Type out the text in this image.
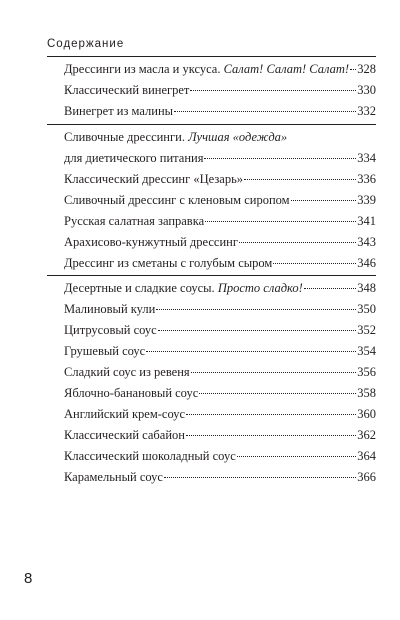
Содержание
Дрессинги из масла и уксуса. Салат! Салат! Салат! 328
Классический винегрет	330
Винегрет из малины	332
Сливочные дрессинги. Лучшая «одежда»
для диетического питания	334
Классический дрессинг «Цезарь»	336
Сливочный дрессинг с кленовым сиропом	339
Русская салатная заправка	341
Арахисово-кунжутный дрессинг	343
Дрессинг из сметаны с голубым сыром	346
Десертные и сладкие соусы. Просто сладко!	348
Малиновый кули	350
Цитрусовый соус	352
Грушевый соус	354
Сладкий соус из ревеня	356
Яблочно-банановый соус	358
Английский крем-соус	360
Классический сабайон	362
Классический шоколадный соус	364
Карамельный соус	366
8
